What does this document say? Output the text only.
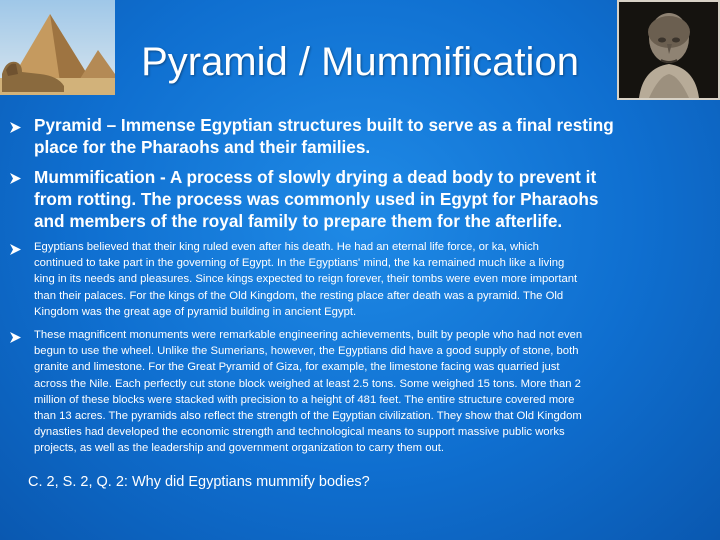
Pyramid / Mummification
Pyramid – Immense Egyptian structures built to serve as a final resting
place for the Pharaohs and their families.
Mummification - A process of slowly drying a dead body to prevent it
from rotting. The process was commonly used in Egypt for Pharaohs
and members of the royal family to prepare them for the afterlife.
Egyptians believed that their king ruled even after his death. He had an eternal life force, or ka, which
continued to take part in the governing of Egypt. In the Egyptians' mind, the ka remained much like a living
king in its needs and pleasures. Since kings expected to reign forever, their tombs were even more important
than their palaces. For the kings of the Old Kingdom, the resting place after death was a pyramid. The Old
Kingdom was the great age of pyramid building in ancient Egypt.
These magnificent monuments were remarkable engineering achievements, built by people who had not even
begun to use the wheel. Unlike the Sumerians, however, the Egyptians did have a good supply of stone, both
granite and limestone. For the Great Pyramid of Giza, for example, the limestone facing was quarried just
across the Nile. Each perfectly cut stone block weighed at least 2.5 tons. Some weighed 15 tons. More than 2
million of these blocks were stacked with precision to a height of 481 feet. The entire structure covered more
than 13 acres. The pyramids also reflect the strength of the Egyptian civilization. They show that Old Kingdom
dynasties had developed the economic strength and technological means to support massive public works
projects, as well as the leadership and government organization to carry them out.
C. 2, S. 2, Q. 2: Why did Egyptians mummify bodies?
